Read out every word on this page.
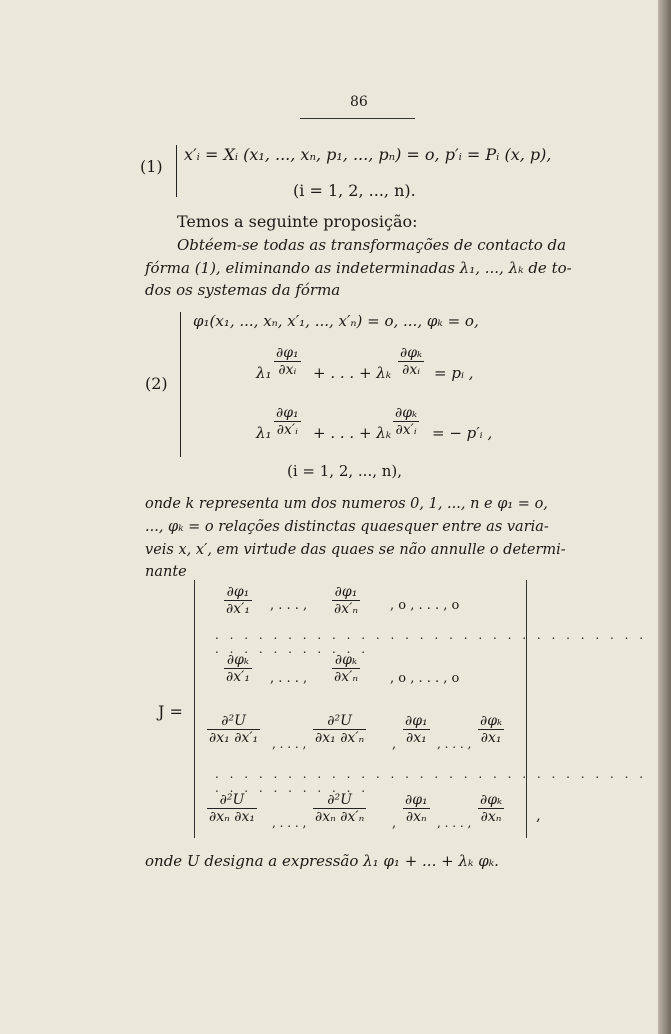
86
(1)
x′ᵢ = Xᵢ (x₁, ..., xₙ, p₁, ..., pₙ) = o, p′ᵢ = Pᵢ (x, p),
(i = 1, 2, ..., n).
Temos a seguinte proposição:
Obtéem-se todas as transformações de contacto da
fórma (1), eliminando as indeterminadas λ₁, ..., λₖ de to-
dos os systemas da fórma
(2)
φ₁(x₁, ..., xₙ, x′₁, ..., x′ₙ) = o, ..., φₖ = o,
$\lambda_1 \frac{\text{∂φ₁}}{\text{∂xᵢ}}$ + . . . + λₖ $\frac{\text{∂φₖ}}{\text{∂xᵢ}}$ = pᵢ ,
$\lambda_1 \frac{\text{∂φ₁}}{\text{∂x′ᵢ}}$ + . . . + λₖ $\frac{\text{∂φₖ}}{\text{∂x′ᵢ}}$ = − p′ᵢ ,
(i = 1, 2, ..., n),
onde k representa um dos numeros 0, 1, ..., n e φ₁ = o,
..., φₖ = o relações distinctas quaesquer entre as varia-
veis x, x′, em virtude das quaes se não annulle o determi-
nante
J =
$\frac{\text{∂φ₁}}{\text{∂x′₁}}$ , . . . , $\frac{\text{∂φ₁}}{\text{∂x′ₙ}}$ , o , . . . , o
. . . . . . . . . . . . . . . . . . . . . . . . . . . . . . . . . . . . . . . . .
$\frac{\text{∂φₖ}}{\text{∂x′₁}}$ , . . . , $\frac{\text{∂φₖ}}{\text{∂x′ₙ}}$ , o , . . . , o
$\frac{\text{∂²U}}{\text{∂x₁ ∂x′₁}}$ , . . . , $\frac{\text{∂²U}}{\text{∂x₁ ∂x′ₙ}}$ , $\frac{\text{∂φ₁}}{\text{∂x₁}}$ , . . . , $\frac{\text{∂φₖ}}{\text{∂x₁}}$
. . . . . . . . . . . . . . . . . . . . . . . . . . . . . . . . . . . . . . . . .
$\frac{\text{∂²U}}{\text{∂xₙ ∂x₁}}$ , . . . , $\frac{\text{∂²U}}{\text{∂xₙ ∂x′ₙ}}$ , $\frac{\text{∂φ₁}}{\text{∂xₙ}}$ , . . . , $\frac{\text{∂φₖ}}{\text{∂xₙ}}$ ,
onde U designa a expressão λ₁ φ₁ + ... + λₖ φₖ.
